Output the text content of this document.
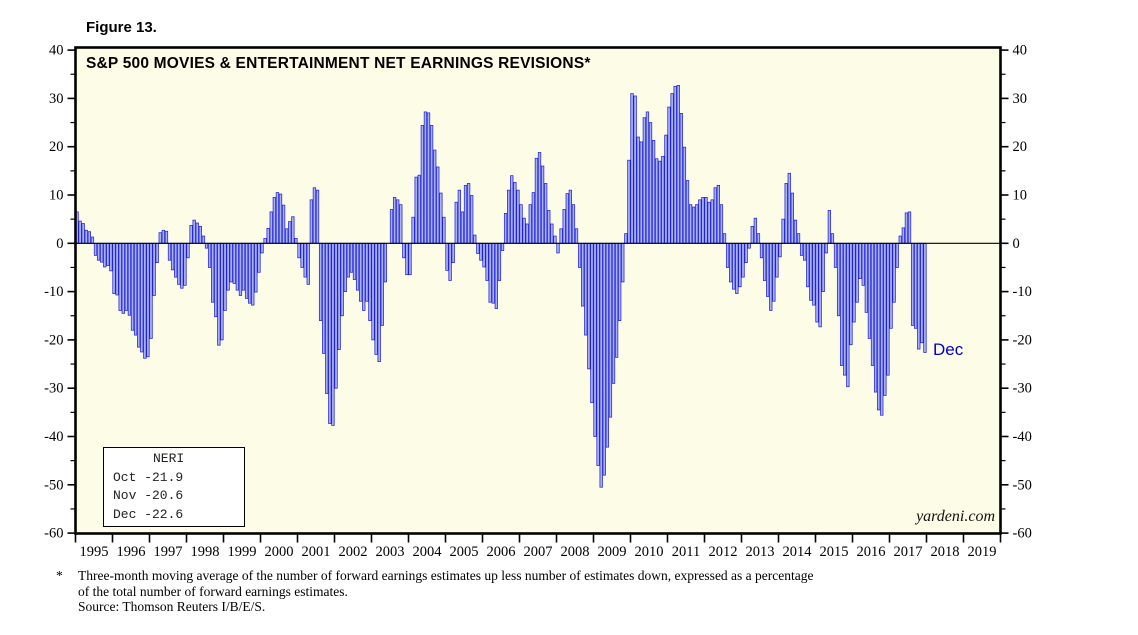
40	40
30	30
20	20
10	10
0	0
-10	-10
-20	-20
-30	-30
-40	-40
-50	-50
-60	-60
1995 1996 1997 1998 1999 2000 2001 2002 2003 2004 2005 2006 2007 2008 2009 2010 2011 2012 2013 2014 2015 2016 2017 2018 2019
Figure 13.
S&P 500 MOVIES & ENTERTAINMENT NET EARNINGS REVISIONS*
NERI
Oct -21.9
Nov -20.6
Dec -22.6
Dec
yardeni.com
*	Three-month moving average of the number of forward earnings estimates up less number of estimates down, expressed as a percentage
of the total number of forward earnings estimates.
Source: Thomson Reuters I/B/E/S.
